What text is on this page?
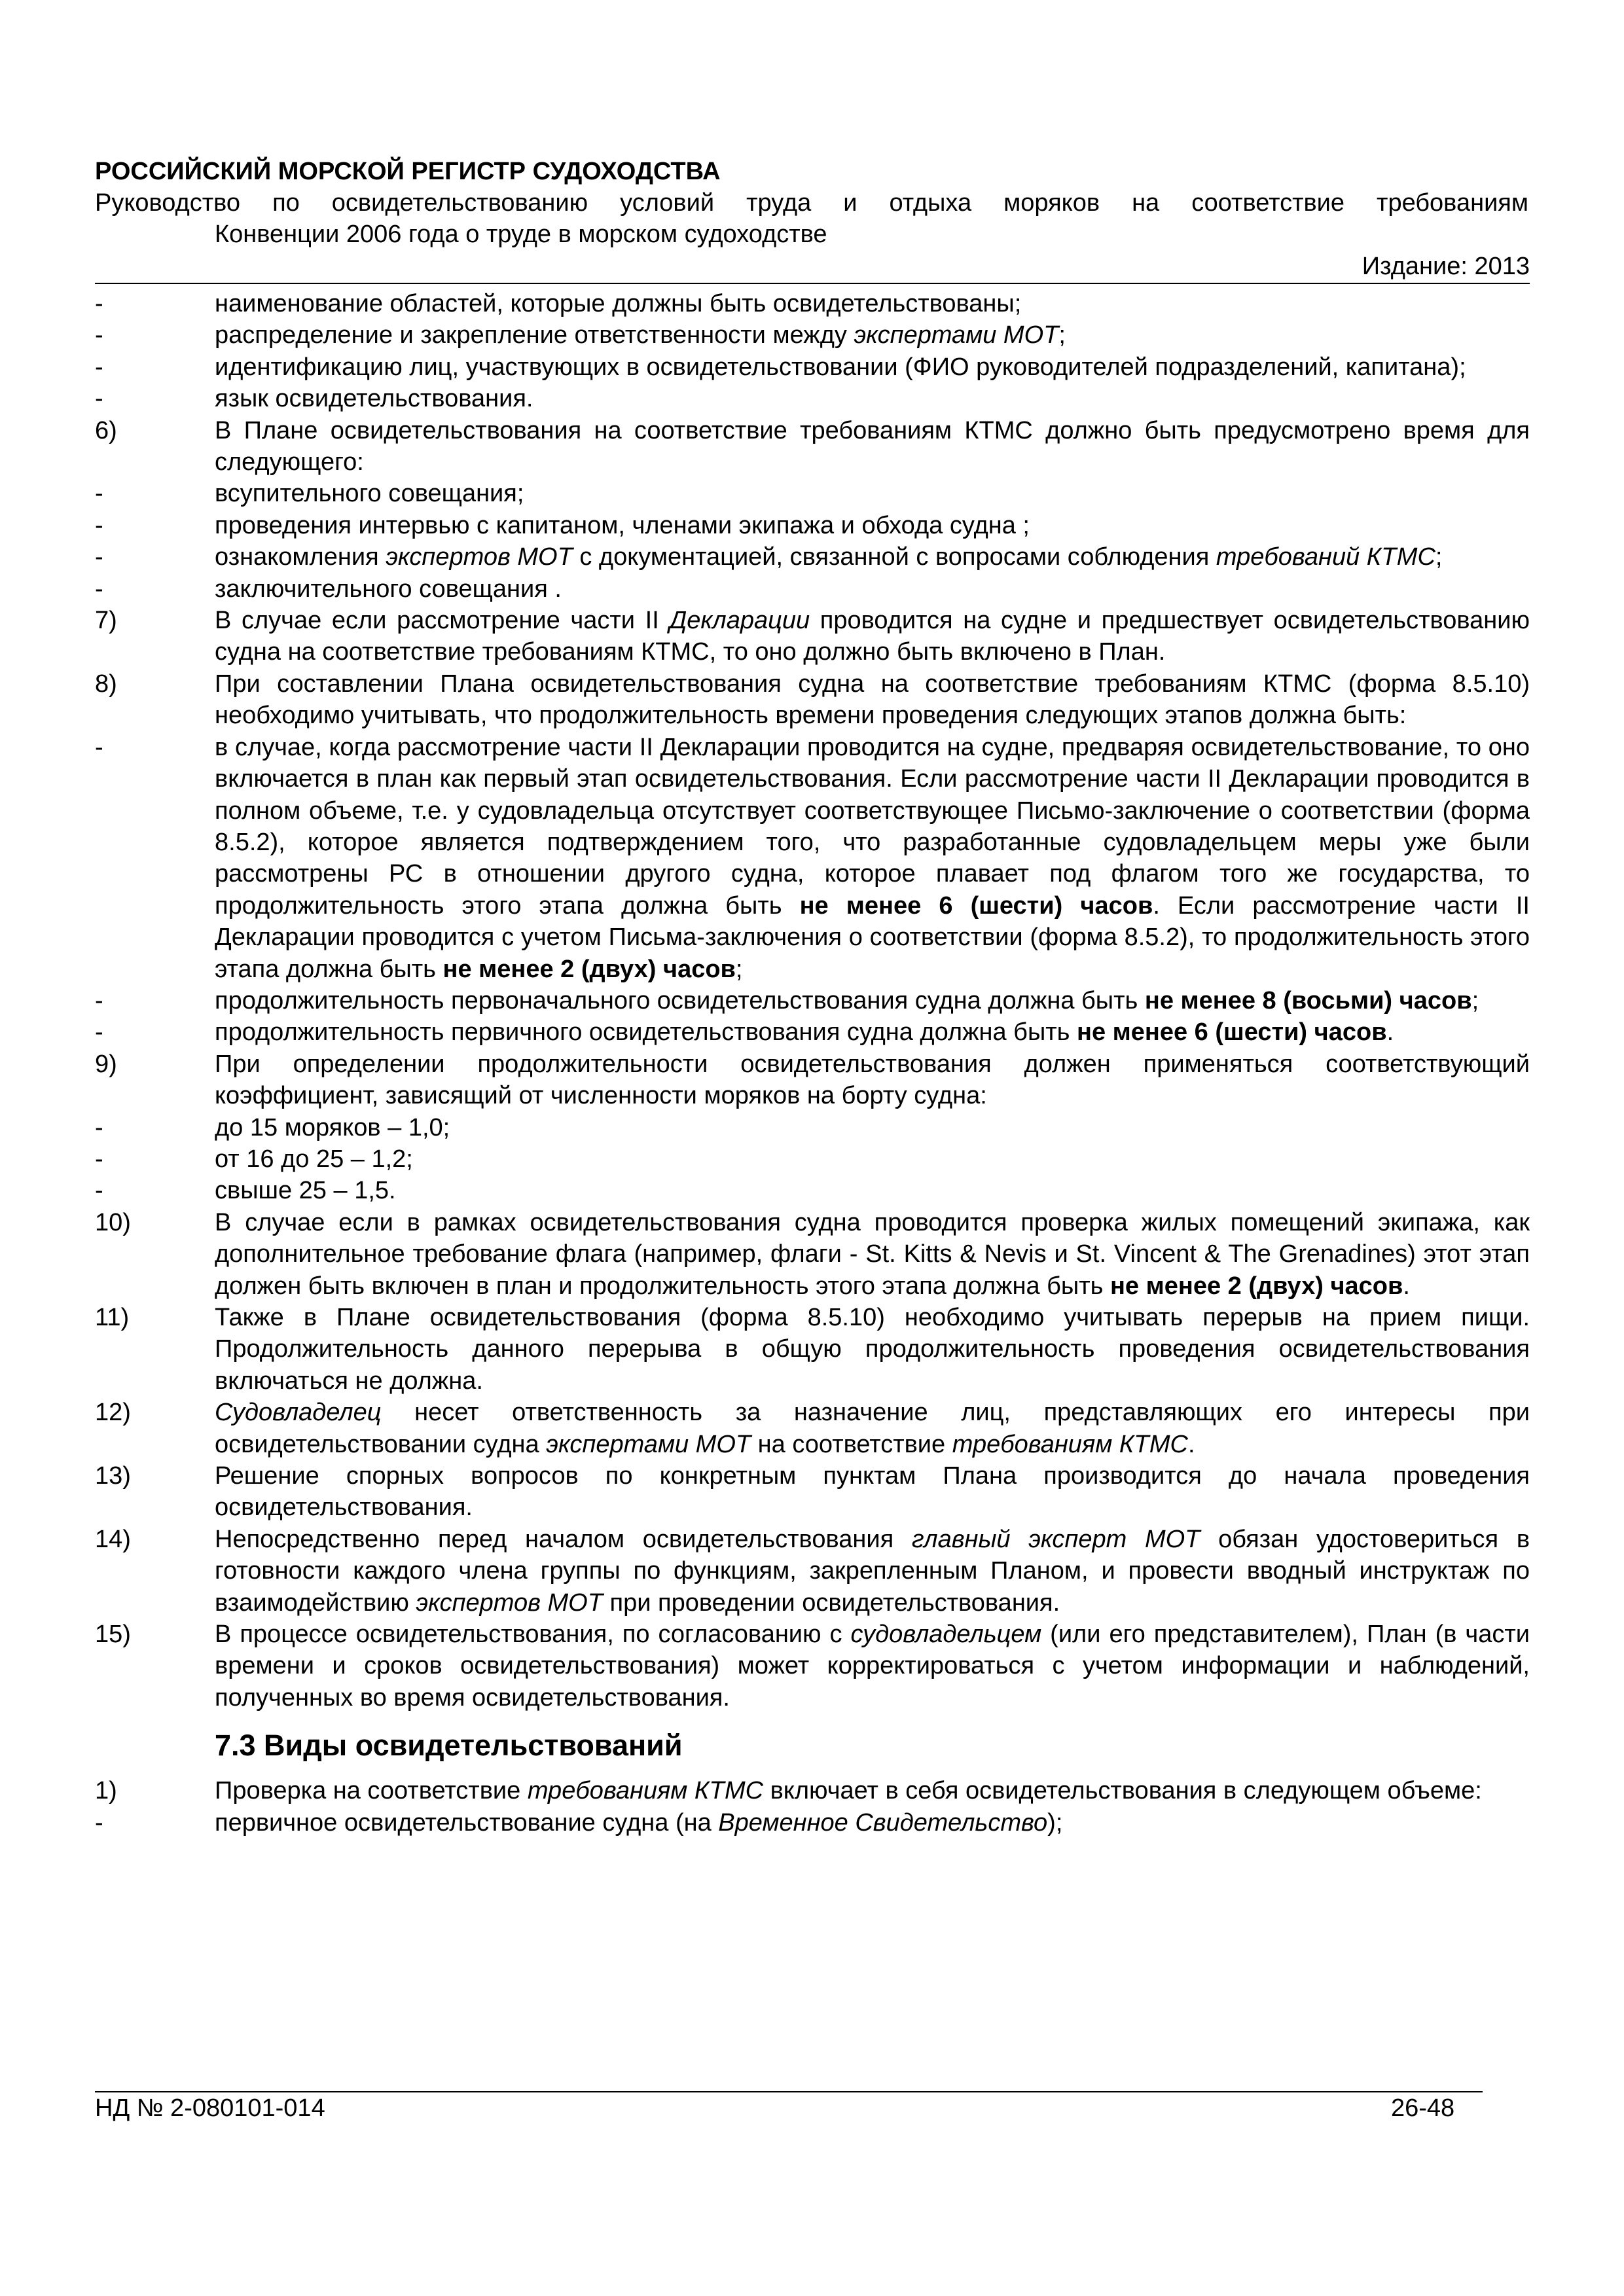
РОССИЙСКИЙ МОРСКОЙ РЕГИСТР СУДОХОДСТВА
Руководство по освидетельствованию условий труда и отдыха моряков на соответствие требованиям
Конвенции 2006 года о труде в морском судоходстве
Издание: 2013
-	наименование областей, которые должны быть освидетельствованы;
-	распределение и закрепление ответственности между экспертами МОТ;
-	идентификацию лиц, участвующих в освидетельствовании (ФИО руководителей подразделений, капитана);
-	язык освидетельствования.
6)	В Плане освидетельствования на соответствие требованиям КТМС должно быть предусмотрено время для следующего:
-	всупительного совещания;
-	проведения интервью с капитаном, членами экипажа и обхода судна ;
-	ознакомления экспертов МОТ с документацией, связанной с вопросами соблюдения требований КТМС;
-	заключительного совещания .
7)	В случае если рассмотрение части II Декларации проводится на судне и предшествует освидетельствованию судна на соответствие требованиям КТМС, то оно должно быть включено в План.
8)	При составлении Плана освидетельствования судна на соответствие требованиям КТМС (форма 8.5.10) необходимо учитывать, что продолжительность времени проведения следующих этапов должна быть:
-	в случае, когда рассмотрение части II Декларации проводится на судне, предваряя освидетельствование, то оно включается в план как первый этап освидетельствования. Если рассмотрение части II Декларации проводится в полном объеме, т.е. у судовладельца отсутствует соответствующее Письмо-заключение о соответствии (форма 8.5.2), которое является подтверждением того, что разработанные судовладельцем меры уже были рассмотрены РС в отношении другого судна, которое плавает под флагом того же государства, то продолжительность этого этапа должна быть не менее 6 (шести) часов. Если рассмотрение части II Декларации проводится с учетом Письма-заключения о соответствии (форма 8.5.2), то продолжительность этого этапа должна быть не менее 2 (двух) часов;
-	продолжительность первоначального освидетельствования судна должна быть не менее 8 (восьми) часов;
-	продолжительность первичного освидетельствования судна должна быть не менее 6 (шести) часов.
9)	При определении продолжительности освидетельствования должен применяться соответствующий коэффициент, зависящий от численности моряков на борту судна:
-	до 15 моряков – 1,0;
-	от 16 до 25 – 1,2;
-	свыше 25 – 1,5.
10)	В случае если в рамках освидетельствования судна проводится проверка жилых помещений экипажа, как дополнительное требование флага (например, флаги - St. Kitts & Nevis и St. Vincent & The Grenadines) этот этап должен быть включен в план и продолжительность этого этапа должна быть не менее 2 (двух) часов.
11)	Также в Плане освидетельствования (форма 8.5.10) необходимо учитывать перерыв на прием пищи. Продолжительность данного перерыва в общую продолжительность проведения освидетельствования включаться не должна.
12)	Судовладелец несет ответственность за назначение лиц, представляющих его интересы при освидетельствовании судна экспертами МОТ на соответствие требованиям КТМС.
13)	Решение спорных вопросов по конкретным пунктам Плана производится до начала проведения освидетельствования.
14)	Непосредственно перед началом освидетельствования главный эксперт МОТ обязан удостовериться в готовности каждого члена группы по функциям, закрепленным Планом, и провести вводный инструктаж по взаимодействию экспертов МОТ при проведении освидетельствования.
15)	В процессе освидетельствования, по согласованию с судовладельцем (или его представителем), План (в части времени и сроков освидетельствования) может корректироваться с учетом информации и наблюдений, полученных во время освидетельствования.
7.3 Виды освидетельствований
1)	Проверка на соответствие требованиям КТМС включает в себя освидетельствования в следующем объеме:
-	первичное освидетельствование судна (на Временное Свидетельство);
НД № 2-080101-014	26-48
